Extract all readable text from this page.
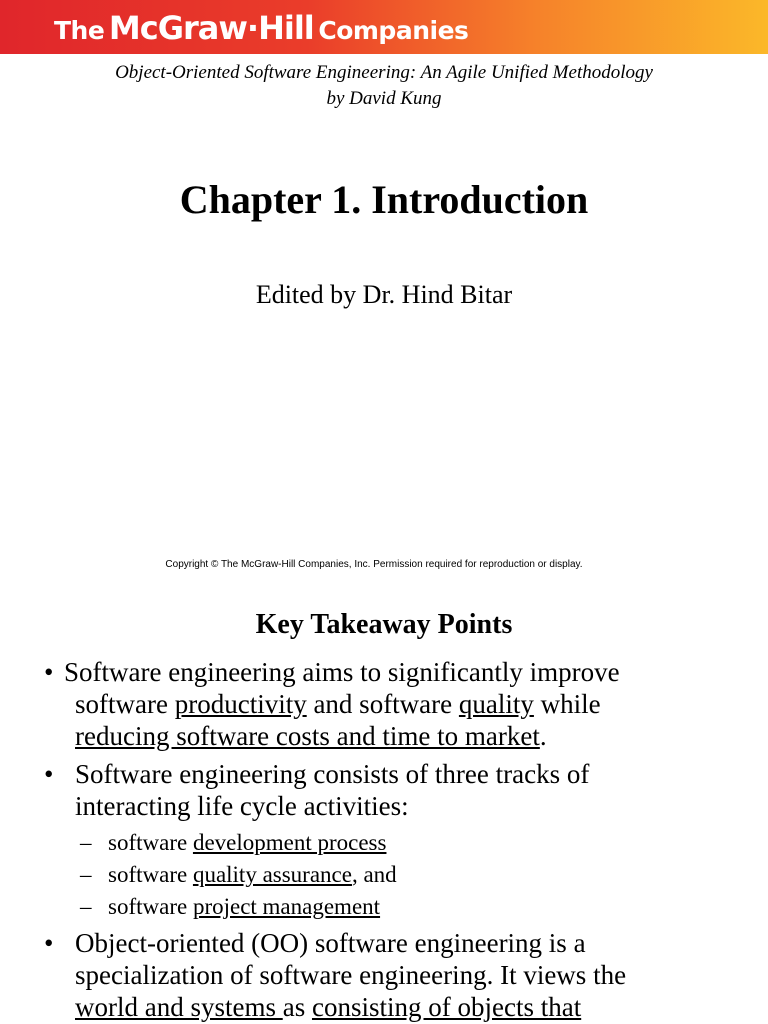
The McGraw·Hill Companies
Object-Oriented Software Engineering: An Agile Unified Methodology
by David Kung
Chapter 1. Introduction
Edited by Dr. Hind Bitar
Copyright © The McGraw-Hill Companies, Inc. Permission required for reproduction or display.
Key Takeaway Points
• Software engineering aims to significantly improve
software productivity and software quality while
reducing software costs and time to market.
• Software engineering consists of three tracks of
interacting life cycle activities:
– software development process
– software quality assurance, and
– software project management
• Object-oriented (OO) software engineering is a
specialization of software engineering. It views the
world and systems as consisting of objects that
